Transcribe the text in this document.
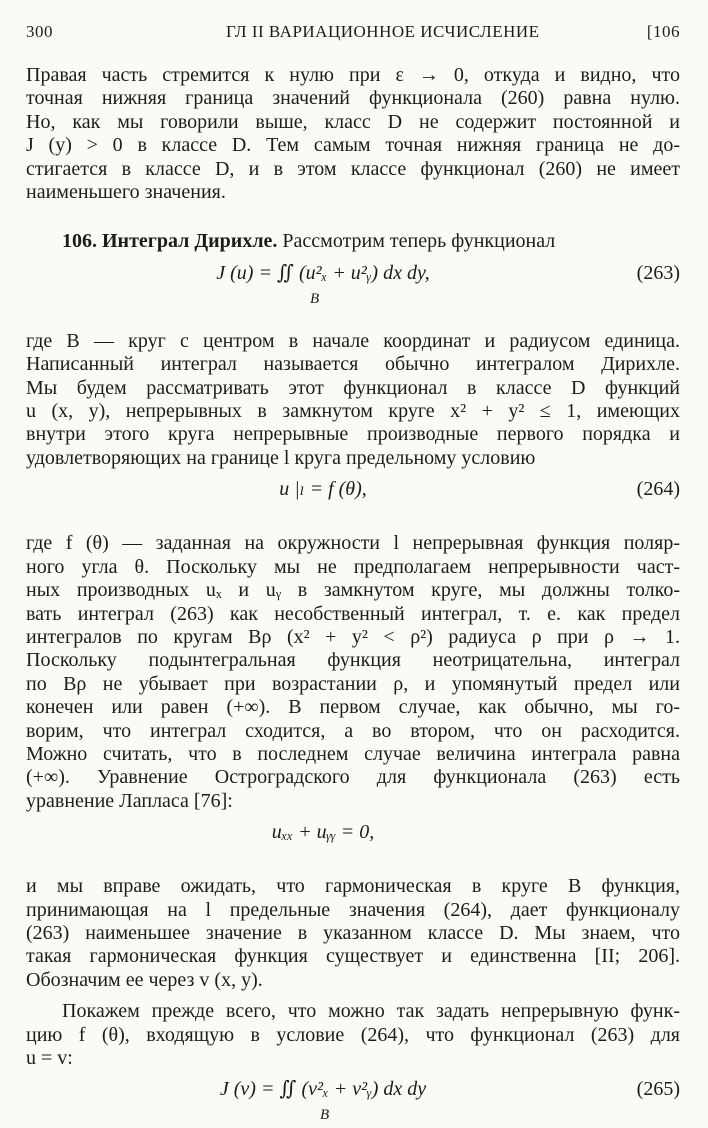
300	ГЛ II ВАРИАЦИОННОЕ ИСЧИСЛЕНИЕ	[106

Правая часть стремится к нулю при ε → 0, откуда и видно, что
точная нижняя граница значений функционала (260) равна нулю.
Но, как мы говорили выше, класс D не содержит постоянной и
J (y) > 0 в классе D. Тем самым точная нижняя граница не до-
стигается в классе D, и в этом классе функционал (260) не имеет
наименьшего значения.

106. Интеграл Дирихле. Рассмотрим теперь функционал

J (u) = ∬ (u²ₓ + u²ᵧ) dx dy,
B
(263)

где B — круг с центром в начале координат и радиусом единица.
Написанный интеграл называется обычно интегралом Дирихле.
Мы будем рассматривать этот функционал в классе D функций
u (x, y), непрерывных в замкнутом круге x² + y² ≤ 1, имеющих
внутри этого круга непрерывные производные первого порядка и
удовлетворяющих на границе l круга предельному условию

u |ₗ = f (θ),	(264)

где f (θ) — заданная на окружности l непрерывная функция поляр-
ного угла θ. Поскольку мы не предполагаем непрерывности част-
ных производных uₓ и uᵧ в замкнутом круге, мы должны толко-
вать интеграл (263) как несобственный интеграл, т. е. как предел
интегралов по кругам Bρ (x² + y² < ρ²) радиуса ρ при ρ → 1.
Поскольку подынтегральная функция неотрицательна, интеграл
по Bρ не убывает при возрастании ρ, и упомянутый предел или
конечен или равен (+∞). В первом случае, как обычно, мы го-
ворим, что интеграл сходится, а во втором, что он расходится.
Можно считать, что в последнем случае величина интеграла равна
(+∞). Уравнение Остроградского для функционала (263) есть
уравнение Лапласа [76]:

uₓₓ + uᵧᵧ = 0,

и мы вправе ожидать, что гармоническая в круге B функция,
принимающая на l предельные значения (264), дает функционалу
(263) наименьшее значение в указанном классе D. Мы знаем, что
такая гармоническая функция существует и единственна [II; 206].
Обозначим ее через v (x, y).

Покажем прежде всего, что можно так задать непрерывную функ-
цию f (θ), входящую в условие (264), что функционал (263) для
u = v:

J (v) = ∬ (v²ₓ + v²ᵧ) dx dy
B
(265)
